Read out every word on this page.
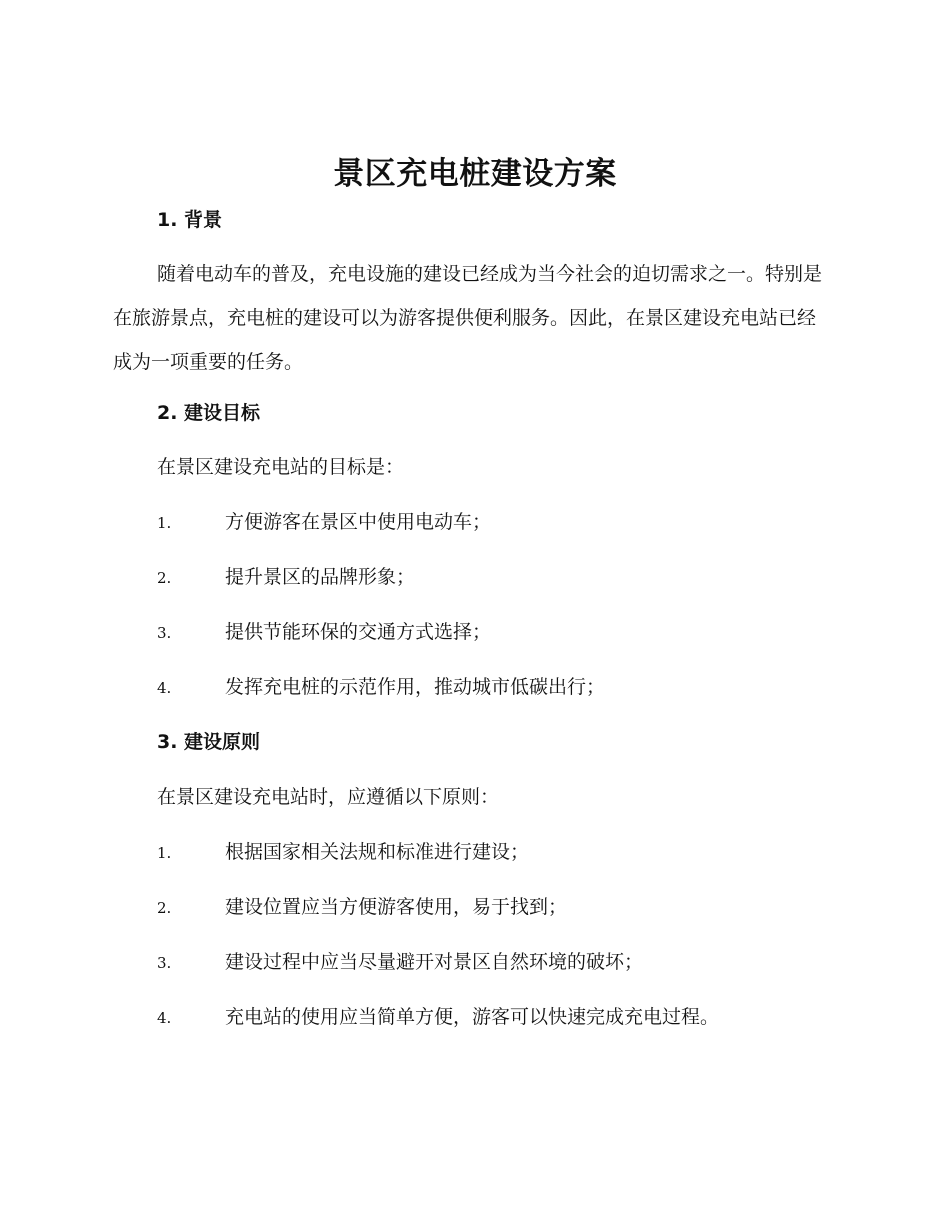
景区充电桩建设方案
1. 背景

随着电动车的普及，充电设施的建设已经成为当今社会的迫切需求之一。特别是在旅游景点，充电桩的建设可以为游客提供便利服务。因此，在景区建设充电站已经成为一项重要的任务。

2. 建设目标
在景区建设充电站的目标是：
1.	方便游客在景区中使用电动车；
2.	提升景区的品牌形象；
3.	提供节能环保的交通方式选择；
4.	发挥充电桩的示范作用，推动城市低碳出行；
3. 建设原则
在景区建设充电站时，应遵循以下原则：
1.	根据国家相关法规和标准进行建设；
2.	建设位置应当方便游客使用，易于找到；
3.	建设过程中应当尽量避开对景区自然环境的破坏；
4.	充电站的使用应当简单方便，游客可以快速完成充电过程。
